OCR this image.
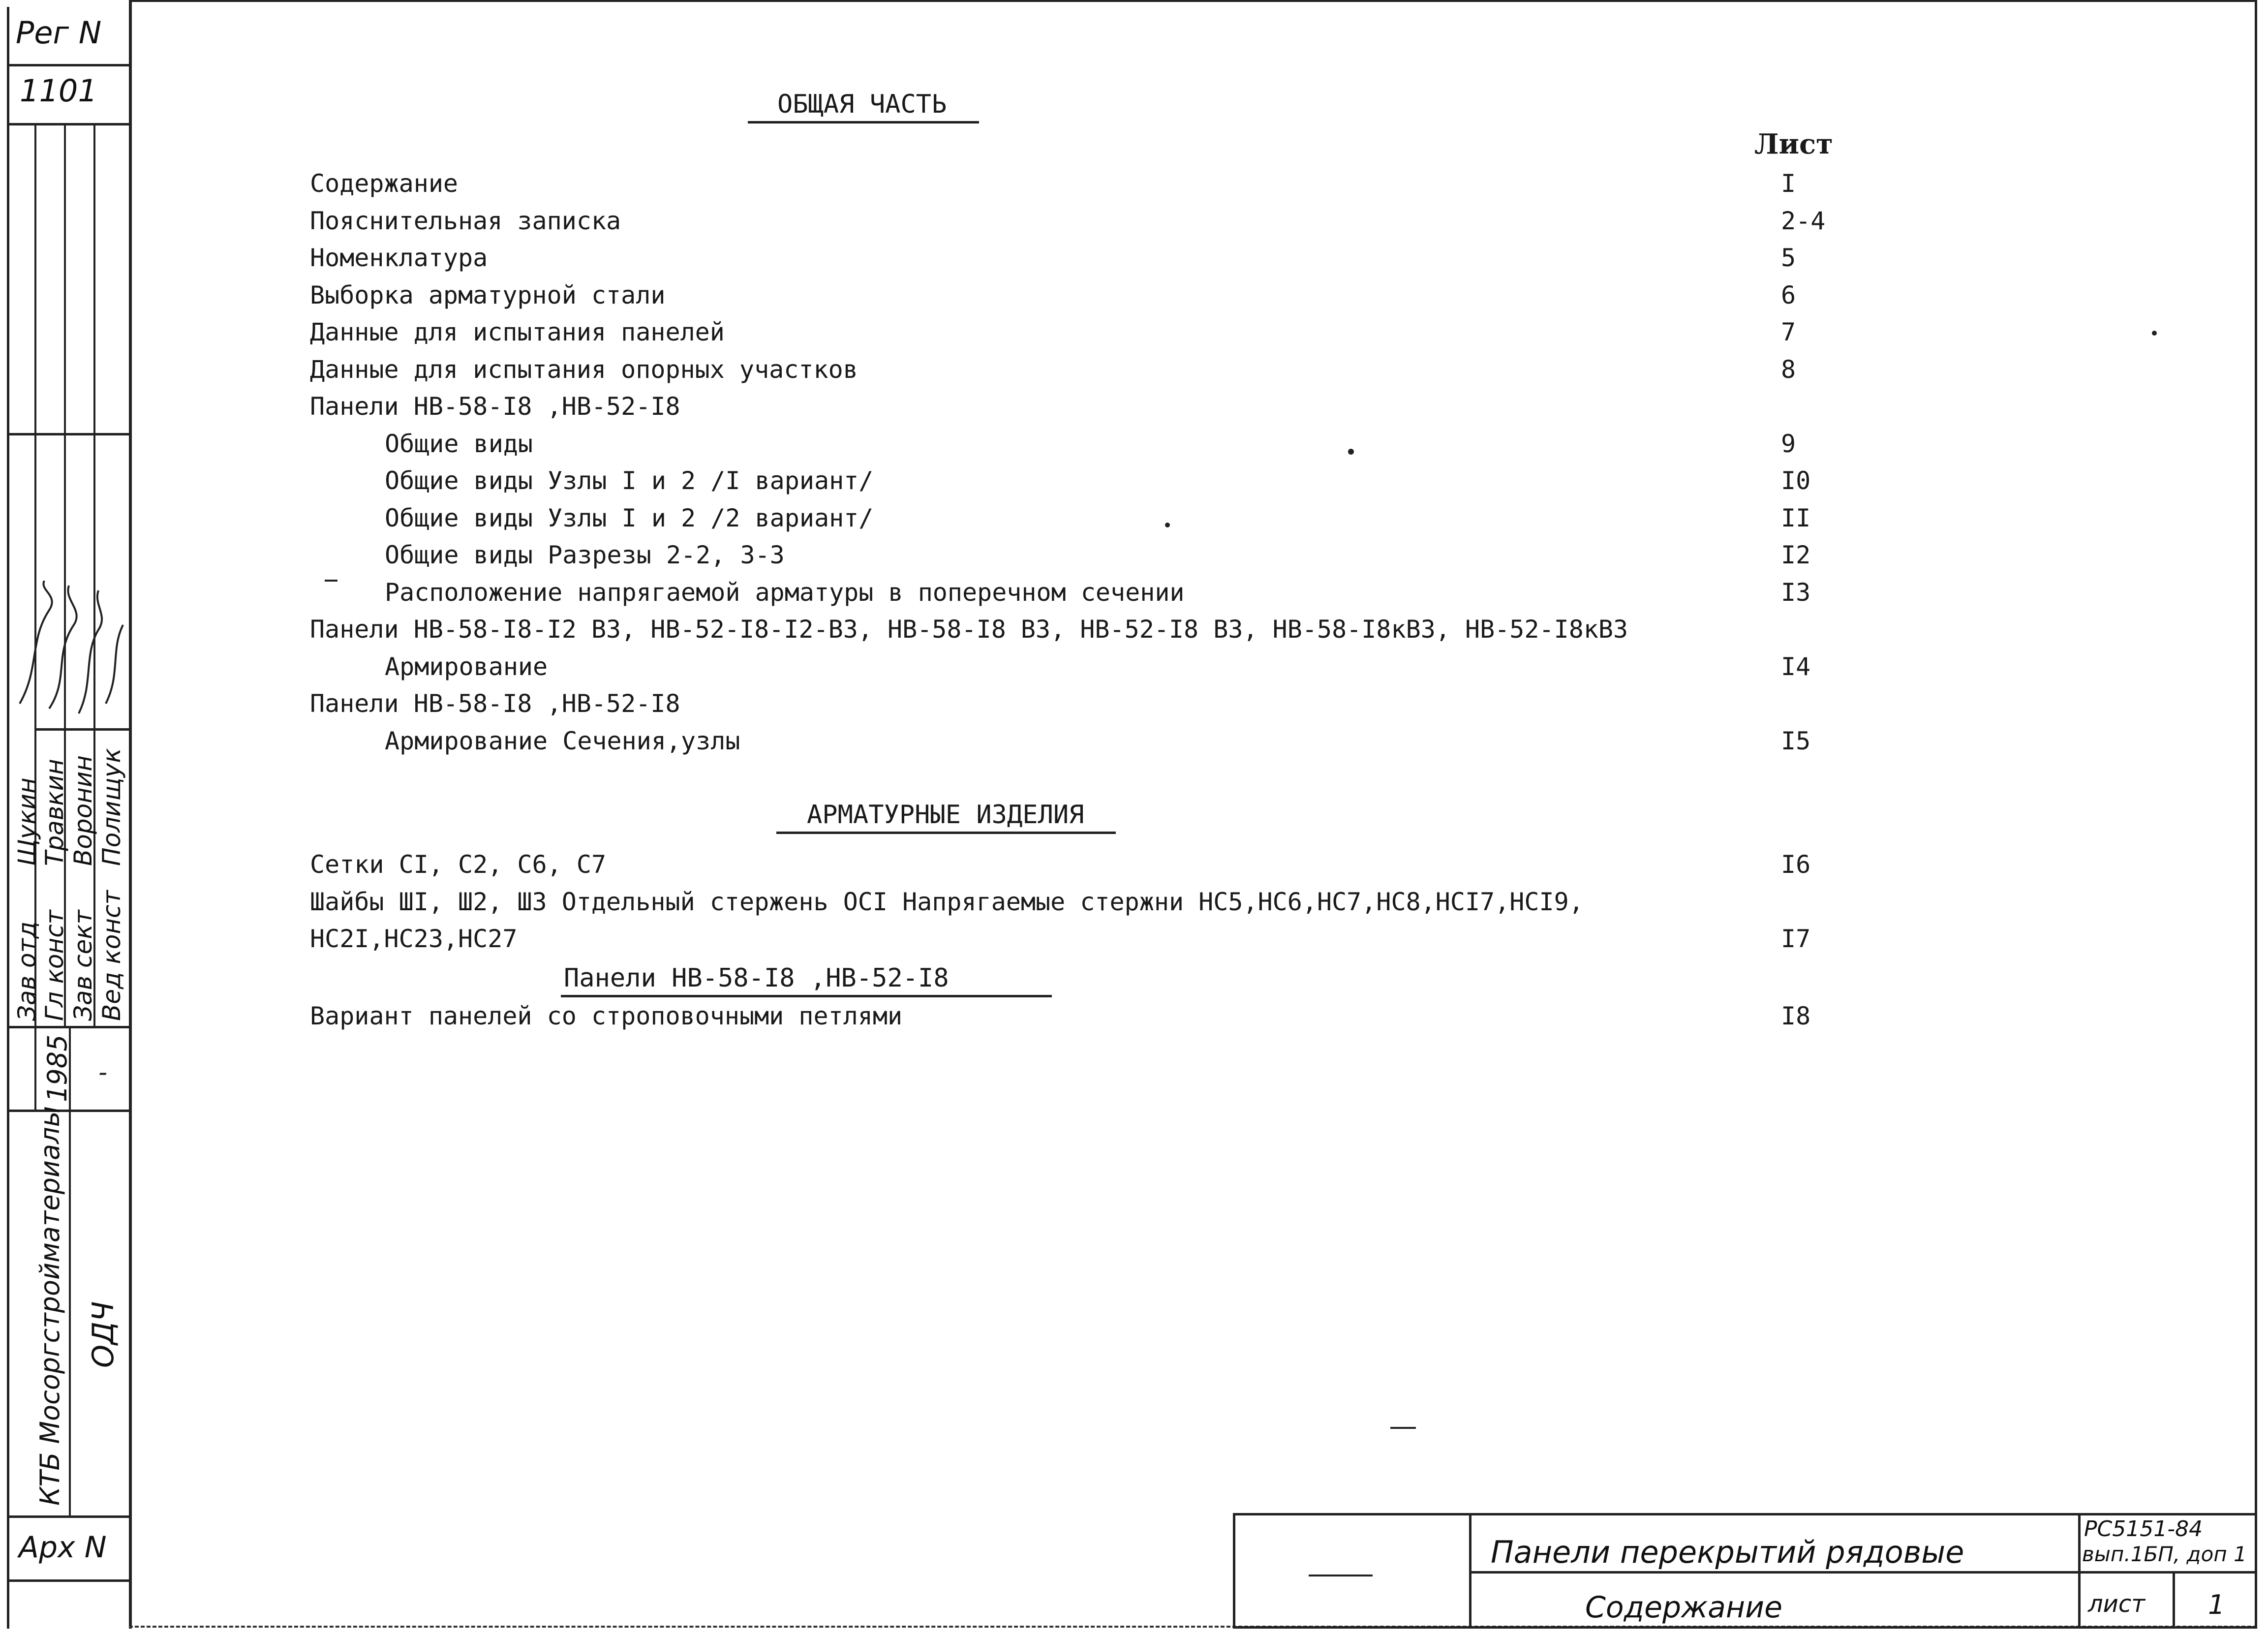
Рег N
1101
Зав отд
Гл конст Зав сект Вед конст
Щукин
Травкин Воронин Полищук
1985 -
КТБ Мосоргстройматериалы ОДЧ
Арх N
ОБЩАЯ ЧАСТЬ
Лист
Содержание	I
Пояснительная записка	2-4
Номенклатура	5
Выборка арматурной стали	6
Данные для испытания панелей	7
Данные для испытания опорных участков	8
Панели НВ-58-I8 ,НВ-52-I8
Общие виды	9
Общие виды Узлы I и 2 /I вариант/	I0
Общие виды Узлы I и 2 /2 вариант/	II
Общие виды Разрезы 2-2, 3-3	I2
Расположение напрягаемой арматуры в поперечном сечении	I3
Панели НВ-58-I8-I2 ВЗ, НВ-52-I8-I2-ВЗ, НВ-58-I8 ВЗ, НВ-52-I8 ВЗ, НВ-58-I8кВЗ, НВ-52-I8кВЗ
Армирование	I4
Панели НВ-58-I8 ,НВ-52-I8
Армирование Сечения,узлы	I5
АРМАТУРНЫЕ ИЗДЕЛИЯ
Сетки CI, C2, C6, C7	I6
Шайбы ШI, Ш2, Ш3 Отдельный стержень ОСI Напрягаемые стержни НС5,НС6,НС7,НС8,НСI7,НСI9,
НС2I,НС23,НС27	I7
Панели НВ-58-I8 ,НВ-52-I8
Вариант панелей со строповочными петлями	I8
Панели перекрытий рядовые
Содержание
РС5151-84
вып.1БП, доп 1
лист 1
